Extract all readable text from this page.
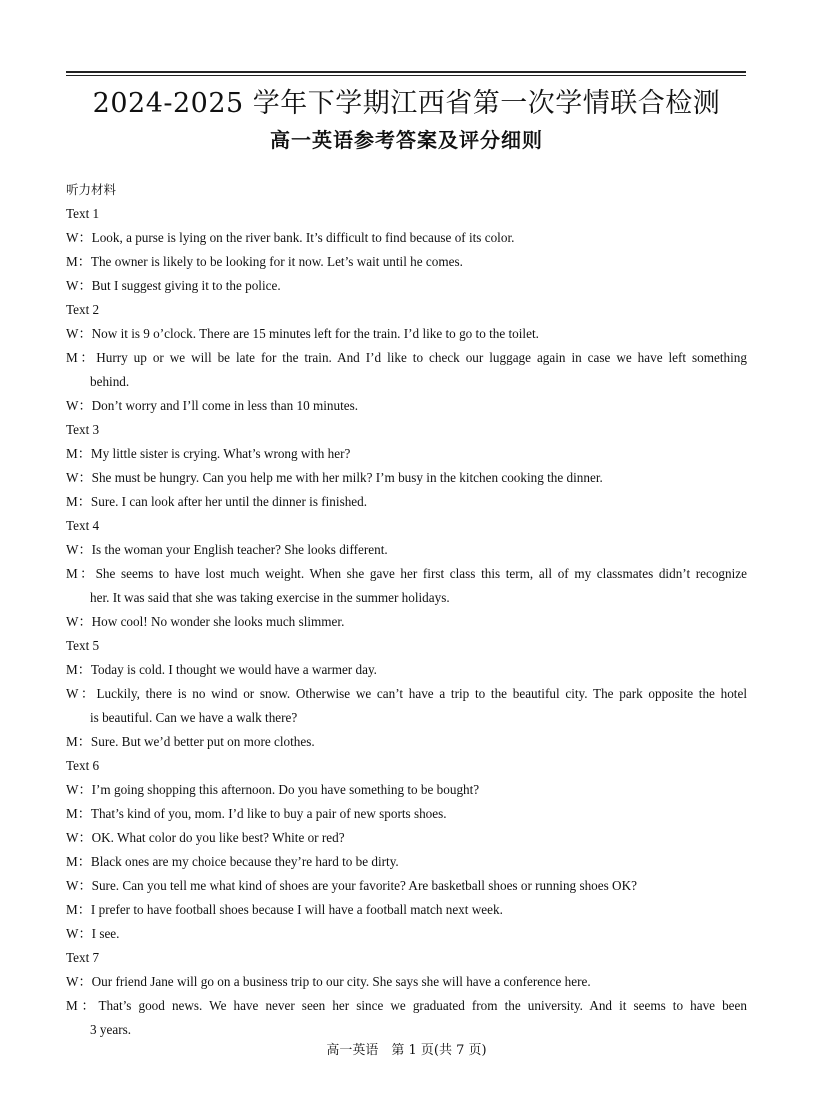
2024-2025 学年下学期江西省第一次学情联合检测
高一英语参考答案及评分细则
听力材料
Text 1
W：Look, a purse is lying on the river bank. It’s difficult to find because of its color.
M：The owner is likely to be looking for it now. Let’s wait until he comes.
W：But I suggest giving it to the police.
Text 2
W：Now it is 9 o’clock. There are 15 minutes left for the train. I’d like to go to the toilet.
M：Hurry up or we will be late for the train. And I’d like to check our luggage again in case we have left something
behind.
W：Don’t worry and I’ll come in less than 10 minutes.
Text 3
M：My little sister is crying. What’s wrong with her?
W：She must be hungry. Can you help me with her milk? I’m busy in the kitchen cooking the dinner.
M：Sure. I can look after her until the dinner is finished.
Text 4
W：Is the woman your English teacher? She looks different.
M：She seems to have lost much weight. When she gave her first class this term, all of my classmates didn’t recognize
her. It was said that she was taking exercise in the summer holidays.
W：How cool! No wonder she looks much slimmer.
Text 5
M：Today is cold. I thought we would have a warmer day.
W：Luckily, there is no wind or snow. Otherwise we can’t have a trip to the beautiful city. The park opposite the hotel
is beautiful. Can we have a walk there?
M：Sure. But we’d better put on more clothes.
Text 6
W：I’m going shopping this afternoon. Do you have something to be bought?
M：That’s kind of you, mom. I’d like to buy a pair of new sports shoes.
W：OK. What color do you like best? White or red?
M：Black ones are my choice because they’re hard to be dirty.
W：Sure. Can you tell me what kind of shoes are your favorite? Are basketball shoes or running shoes OK?
M：I prefer to have football shoes because I will have a football match next week.
W：I see.
Text 7
W：Our friend Jane will go on a business trip to our city. She says she will have a conference here.
M：That’s good news. We have never seen her since we graduated from the university. And it seems to have been
3 years.
高一英语　第 1 页(共 7 页)
